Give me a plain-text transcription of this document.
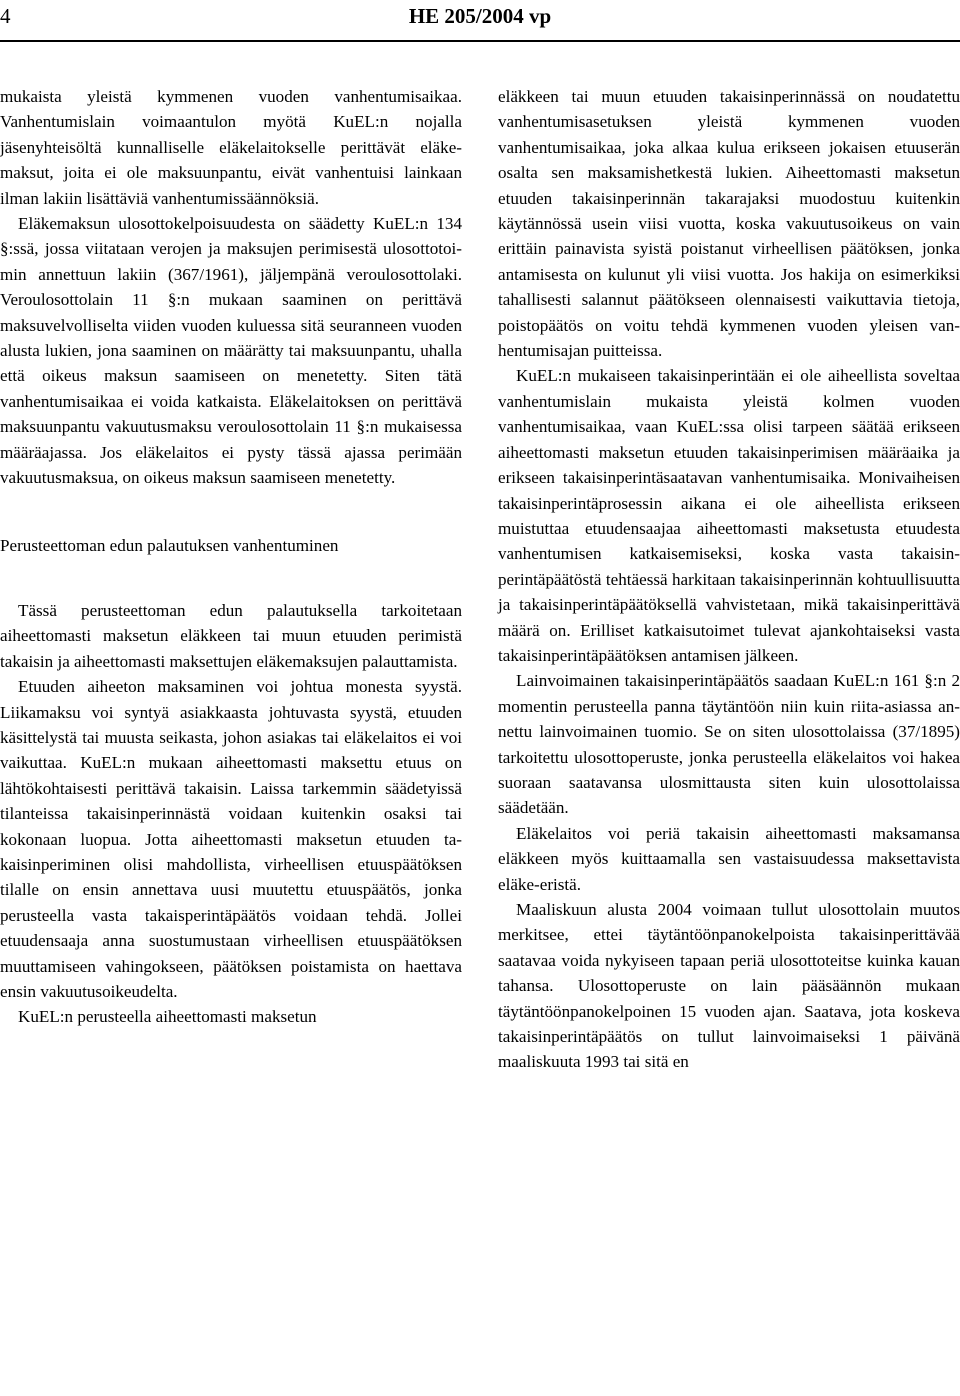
4	HE 205/2004 vp

mukaista yleistä kymmenen vuoden vanhentumisaikaa. Vanhentumislain voimaantulon myötä KuEL:n nojalla jäsenyhteisöltä kunnalliselle eläkelaitokselle perittävät eläkemaksut, joita ei ole maksuunpantu, eivät vanhentuisi lainkaan ilman lakiin lisättäviä vanhentumissäännöksiä.

Eläkemaksun ulosottokelpoisuudesta on säädetty KuEL:n 134 §:ssä, jossa viitataan verojen ja maksujen perimisestä ulosottotoimin annettuun lakiin (367/1961), jäljempänä veroulosottolaki. Veroulosottolain 11 §:n mukaan saaminen on perittävä maksuvelvolliselta viiden vuoden kuluessa sitä seuranneen vuoden alusta lukien, jona saaminen on määrätty tai maksuunpantu, uhalla että oikeus maksun saamiseen on menetetty. Siten tätä vanhentumisaikaa ei voida katkaista. Eläkelaitoksen on perittävä maksuunpantu vakuutusmaksu veroulosottolain 11 §:n mukaisessa määräajassa. Jos eläkelaitos ei pysty tässä ajassa perimään vakuutusmaksua, on oikeus maksun saamiseen menetetty.

Perusteettoman edun palautuksen vanhentuminen

Tässä perusteettoman edun palautuksella tarkoitetaan aiheettomasti maksetun eläkkeen tai muun etuuden perimistä takaisin ja aiheettomasti maksettujen eläkemaksujen palauttamista.

Etuuden aiheeton maksaminen voi johtua monesta syystä. Liikamaksu voi syntyä asiakkaasta johtuvasta syystä, etuuden käsittelystä tai muusta seikasta, johon asiakas tai eläkelaitos ei voi vaikuttaa. KuEL:n mukaan aiheettomasti maksettu etuus on lähtökohtaisesti perittävä takaisin. Laissa tarkemmin säädetyissä tilanteissa takaisinperinnästä voidaan kuitenkin osaksi tai kokonaan luopua. Jotta aiheettomasti maksetun etuuden takaisinperiminen olisi mahdollista, virheellisen etuuspäätöksen tilalle on ensin annettava uusi muutettu etuuspäätös, jonka perusteella vasta takaisperintäpäätös voidaan tehdä. Jollei etuudensaaja anna suostumustaan virheellisen etuuspäätöksen muuttamiseen vahingokseen, päätöksen poistamista on haettava ensin vakuutusoikeudelta.

KuEL:n perusteella aiheettomasti maksetun

eläkkeen tai muun etuuden takaisinperinnässä on noudatettu vanhentumisasetuksen yleistä kymmenen vuoden vanhentumisaikaa, joka alkaa kulua erikseen jokaisen etuuserän osalta sen maksamishetkestä lukien. Aiheettomasti maksetun etuuden takaisinperinnän takarajaksi muodostuu kuitenkin käytännössä usein viisi vuotta, koska vakuutusoikeus on vain erittäin painavista syistä poistanut virheellisen päätöksen, jonka antamisesta on kulunut yli viisi vuotta. Jos hakija on esimerkiksi tahallisesti salannut päätökseen olennaisesti vaikuttavia tietoja, poistopäätös on voitu tehdä kymmenen vuoden yleisen vanhentumisajan puitteissa.

KuEL:n mukaiseen takaisinperintään ei ole aiheellista soveltaa vanhentumislain mukaista yleistä kolmen vuoden vanhentumisaikaa, vaan KuEL:ssa olisi tarpeen säätää erikseen aiheettomasti maksetun etuuden takaisinperimisen määräaika ja erikseen takaisinperintäsaatavan vanhentumisaika. Monivaiheisen takaisinperintäprosessin aikana ei ole aiheellista erikseen muistuttaa etuudensaajaa aiheettomasti maksetusta etuudesta vanhentumisen katkaisemiseksi, koska vasta takaisinperintäpäätöstä tehtäessä harkitaan takaisinperinnän kohtuullisuutta ja takaisinperintäpäätöksellä vahvistetaan, mikä takaisinperittävä määrä on. Erilliset katkaisutoimet tulevat ajankohtaiseksi vasta takaisinperintäpäätöksen antamisen jälkeen.

Lainvoimainen takaisinperintäpäätös saadaan KuEL:n 161 §:n 2 momentin perusteella panna täytäntöön niin kuin riita-asiassa annettu lainvoimainen tuomio. Se on siten ulosottolaissa (37/1895) tarkoitettu ulosottoperuste, jonka perusteella eläkelaitos voi hakea suoraan saatavansa ulosmittausta siten kuin ulosottolaissa säädetään.

Eläkelaitos voi periä takaisin aiheettomasti maksamansa eläkkeen myös kuittaamalla sen vastaisuudessa maksettavista eläke-eristä.

Maaliskuun alusta 2004 voimaan tullut ulosottolain muutos merkitsee, ettei täytäntöönpanokelpoista takaisinperittävää saatavaa voida nykyiseen tapaan periä ulosottoteitse kuinka kauan tahansa. Ulosottoperuste on lain pääsäännön mukaan täytäntöönpanokelpoinen 15 vuoden ajan. Saatava, jota koskeva takaisinperintäpäätös on tullut lainvoimaiseksi 1 päivänä maaliskuuta 1993 tai sitä en
